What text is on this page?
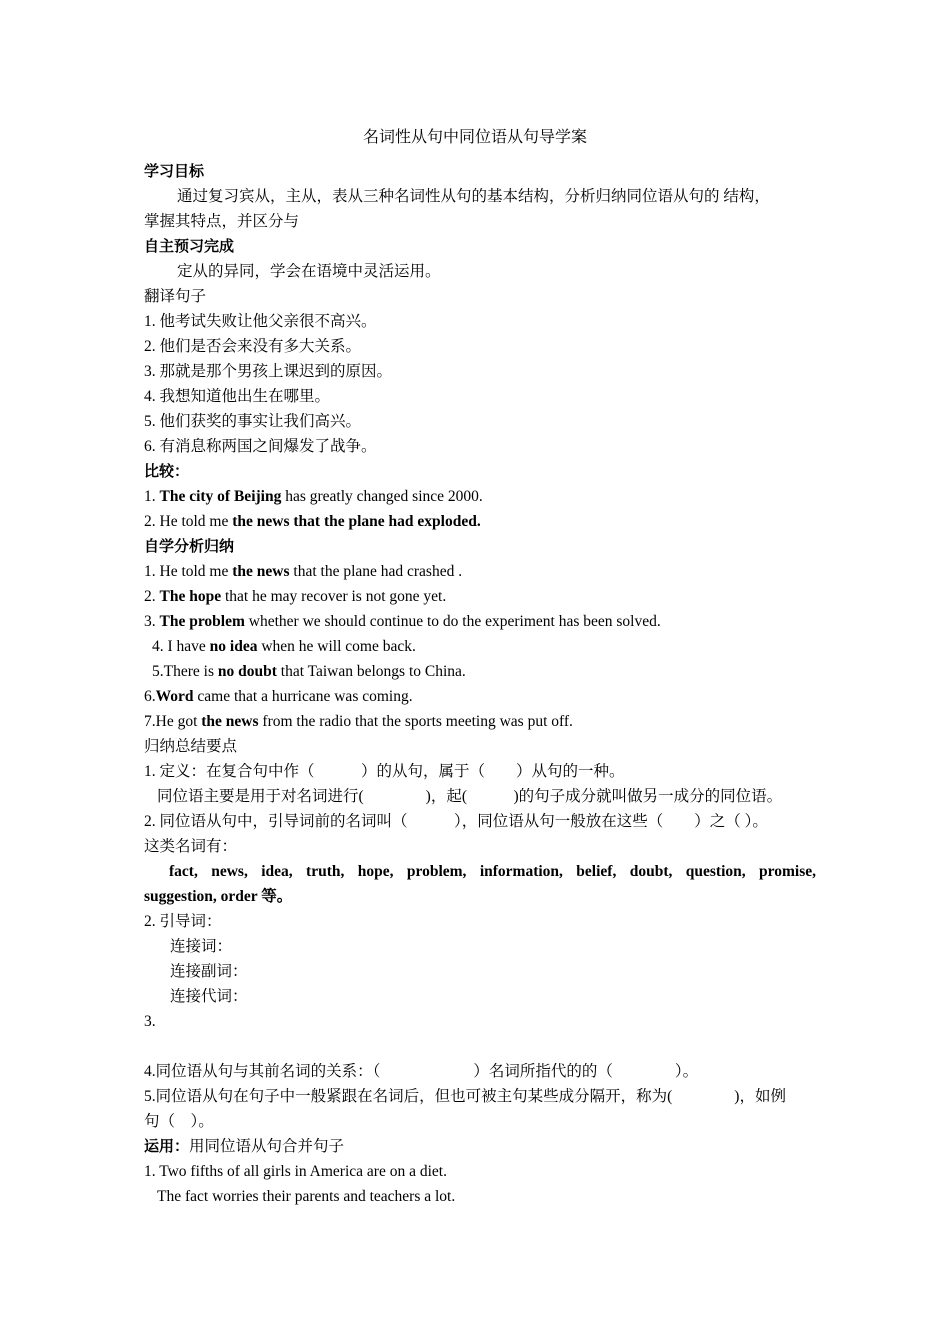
名词性从句中同位语从句导学案
学习目标
通过复习宾从，主从，表从三种名词性从句的基本结构，分析归纳同位语从句的 结构，
掌握其特点，并区分与
自主预习完成
定从的异同，学会在语境中灵活运用。
翻译句子
1. 他考试失败让他父亲很不高兴。
2. 他们是否会来没有多大关系。
3. 那就是那个男孩上课迟到的原因。
4. 我想知道他出生在哪里。
5. 他们获奖的事实让我们高兴。
6. 有消息称两国之间爆发了战争。
比较：
1. The city of Beijing has greatly changed since 2000.
2. He told me the news that the plane had exploded.
自学分析归纳
1. He told me the news that the plane had crashed .
2. The hope that he may recover is not gone yet.
3. The problem whether we should continue to do the experiment has been solved.
4. I have no idea when he will come back.
5.There is no doubt that Taiwan belongs to China.
6.Word came that a hurricane was coming.
7.He got the news from the radio that the sports meeting was put off.
归纳总结要点
1. 定义：在复合句中作（　　　）的从句，属于（　　）从句的一种。
同位语主要是用于对名词进行(　　　　)，起(　　　)的句子成分就叫做另一成分的同位语。
2. 同位语从句中，引导词前的名词叫（　　　），同位语从句一般放在这些（　　）之（ ）。
这类名词有：
fact, news, idea, truth, hope, problem, information, belief, doubt, question, promise,
suggestion, order 等。
2. 引导词：
连接词：
连接副词：
连接代词：
3.
4.同位语从句与其前名词的关系：（　　　　　　）名词所指代的的（　　　　）。
5.同位语从句在句子中一般紧跟在名词后，但也可被主句某些成分隔开，称为(　　　　)，如例
句（　）。
运用：用同位语从句合并句子
1. Two fifths of all girls in America are on a diet.
The fact worries their parents and teachers a lot.
